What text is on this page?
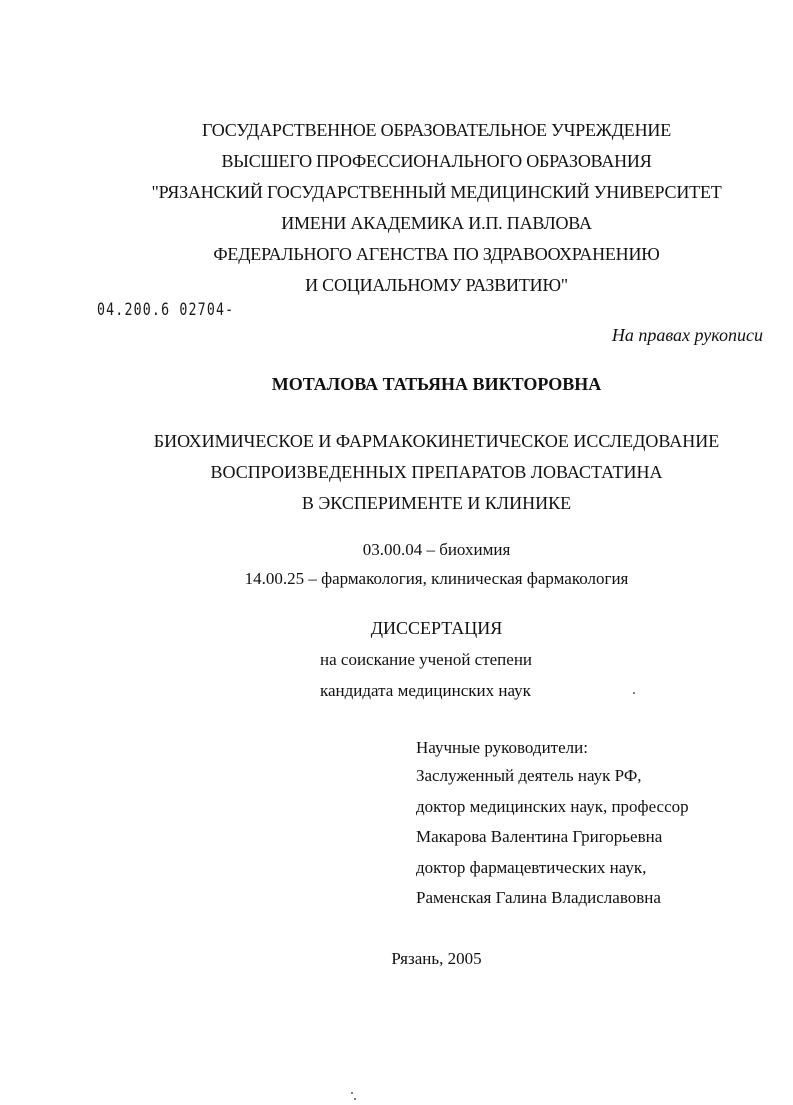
ГОСУДАРСТВЕННОЕ ОБРАЗОВАТЕЛЬНОЕ УЧРЕЖДЕНИЕ
ВЫСШЕГО ПРОФЕССИОНАЛЬНОГО ОБРАЗОВАНИЯ
"РЯЗАНСКИЙ ГОСУДАРСТВЕННЫЙ МЕДИЦИНСКИЙ УНИВЕРСИТЕТ
ИМЕНИ АКАДЕМИКА И.П. ПАВЛОВА
ФЕДЕРАЛЬНОГО АГЕНСТВА ПО ЗДРАВООХРАНЕНИЮ
И СОЦИАЛЬНОМУ РАЗВИТИЮ"
04.200.6 02704-
На правах рукописи
МОТАЛОВА ТАТЬЯНА ВИКТОРОВНА
БИОХИМИЧЕСКОЕ И ФАРМАКОКИНЕТИЧЕСКОЕ ИССЛЕДОВАНИЕ
ВОСПРОИЗВЕДЕННЫХ ПРЕПАРАТОВ ЛОВАСТАТИНА
В ЭКСПЕРИМЕНТЕ И КЛИНИКЕ
03.00.04 – биохимия
14.00.25 – фармакология, клиническая фармакология
ДИССЕРТАЦИЯ
на соискание ученой степени
кандидата медицинских наук
Научные руководители:
Заслуженный деятель наук РФ,
доктор медицинских наук, профессор
Макарова Валентина Григорьевна
доктор фармацевтических наук,
Раменская Галина Владиславовна
Рязань, 2005
